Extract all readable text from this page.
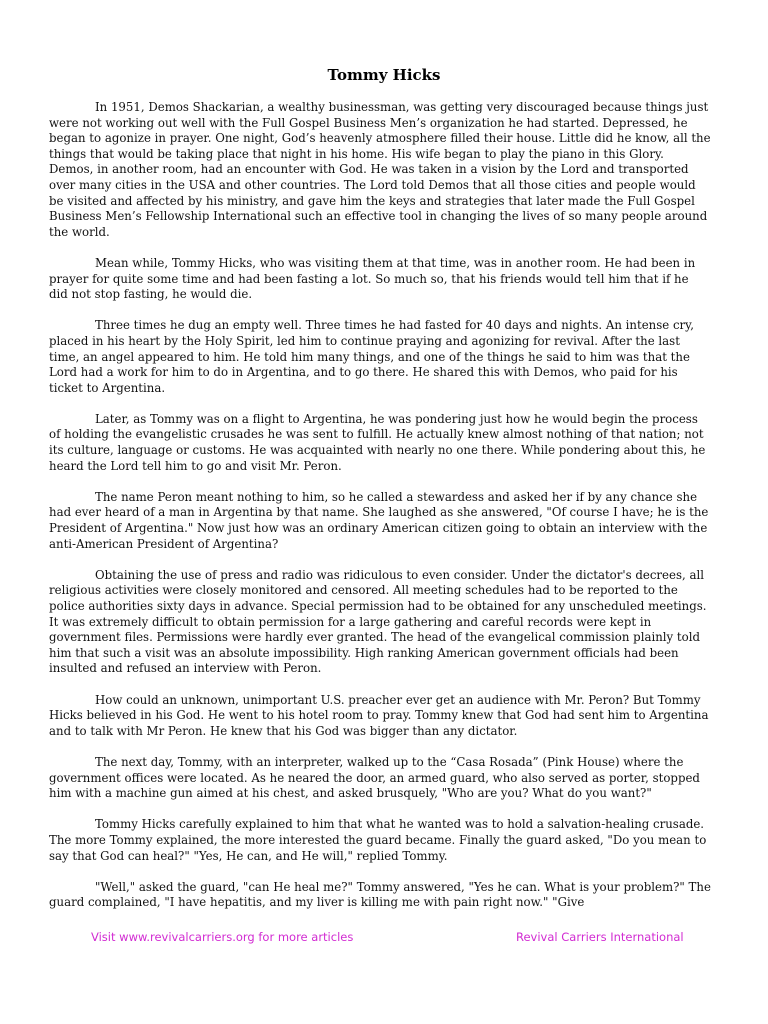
Tommy Hicks

In 1951, Demos Shackarian, a wealthy businessman, was getting very discouraged because things just were not working out well with the Full Gospel Business Men’s organization he had started. Depressed, he began to agonize in prayer. One night, God’s heavenly atmosphere filled their house. Little did he know, all the things that would be taking place that night in his home. His wife began to play the piano in this Glory. Demos, in another room, had an encounter with God. He was taken in a vision by the Lord and transported over many cities in the USA and other countries. The Lord told Demos that all those cities and people would be visited and affected by his ministry, and gave him the keys and strategies that later made the Full Gospel Business Men’s Fellowship International such an effective tool in changing the lives of so many people around the world.

Mean while, Tommy Hicks, who was visiting them at that time, was in another room. He had been in prayer for quite some time and had been fasting a lot. So much so, that his friends would tell him that if he did not stop fasting, he would die.

Three times he dug an empty well. Three times he had fasted for 40 days and nights. An intense cry, placed in his heart by the Holy Spirit, led him to continue praying and agonizing for revival. After the last time, an angel appeared to him. He told him many things, and one of the things he said to him was that the Lord had a work for him to do in Argentina, and to go there. He shared this with Demos, who paid for his ticket to Argentina.

Later, as Tommy was on a flight to Argentina, he was pondering just how he would begin the process of holding the evangelistic crusades he was sent to fulfill. He actually knew almost nothing of that nation; not its culture, language or customs. He was acquainted with nearly no one there. While pondering about this, he heard the Lord tell him to go and visit Mr. Peron.

The name Peron meant nothing to him, so he called a stewardess and asked her if by any chance she had ever heard of a man in Argentina by that name. She laughed as she answered, "Of course I have; he is the President of Argentina." Now just how was an ordinary American citizen going to obtain an interview with the anti-American President of Argentina?

Obtaining the use of press and radio was ridiculous to even consider. Under the dictator's decrees, all religious activities were closely monitored and censored. All meeting schedules had to be reported to the police authorities sixty days in advance. Special permission had to be obtained for any unscheduled meetings. It was extremely difficult to obtain permission for a large gathering and careful records were kept in government files. Permissions were hardly ever granted. The head of the evangelical commission plainly told him that such a visit was an absolute impossibility. High ranking American government officials had been insulted and refused an interview with Peron.

How could an unknown, unimportant U.S. preacher ever get an audience with Mr. Peron? But Tommy Hicks believed in his God. He went to his hotel room to pray. Tommy knew that God had sent him to Argentina and to talk with Mr Peron. He knew that his God was bigger than any dictator.

The next day, Tommy, with an interpreter, walked up to the “Casa Rosada” (Pink House) where the government offices were located. As he neared the door, an armed guard, who also served as porter, stopped him with a machine gun aimed at his chest, and asked brusquely, "Who are you? What do you want?"

Tommy Hicks carefully explained to him that what he wanted was to hold a salvation-healing crusade. The more Tommy explained, the more interested the guard became. Finally the guard asked, "Do you mean to say that God can heal?" "Yes, He can, and He will," replied Tommy.

"Well," asked the guard, "can He heal me?" Tommy answered, "Yes he can. What is your problem?" The guard complained, "I have hepatitis, and my liver is killing me with pain right now." "Give

Visit www.revivalcarriers.org for more articles	Revival Carriers International
